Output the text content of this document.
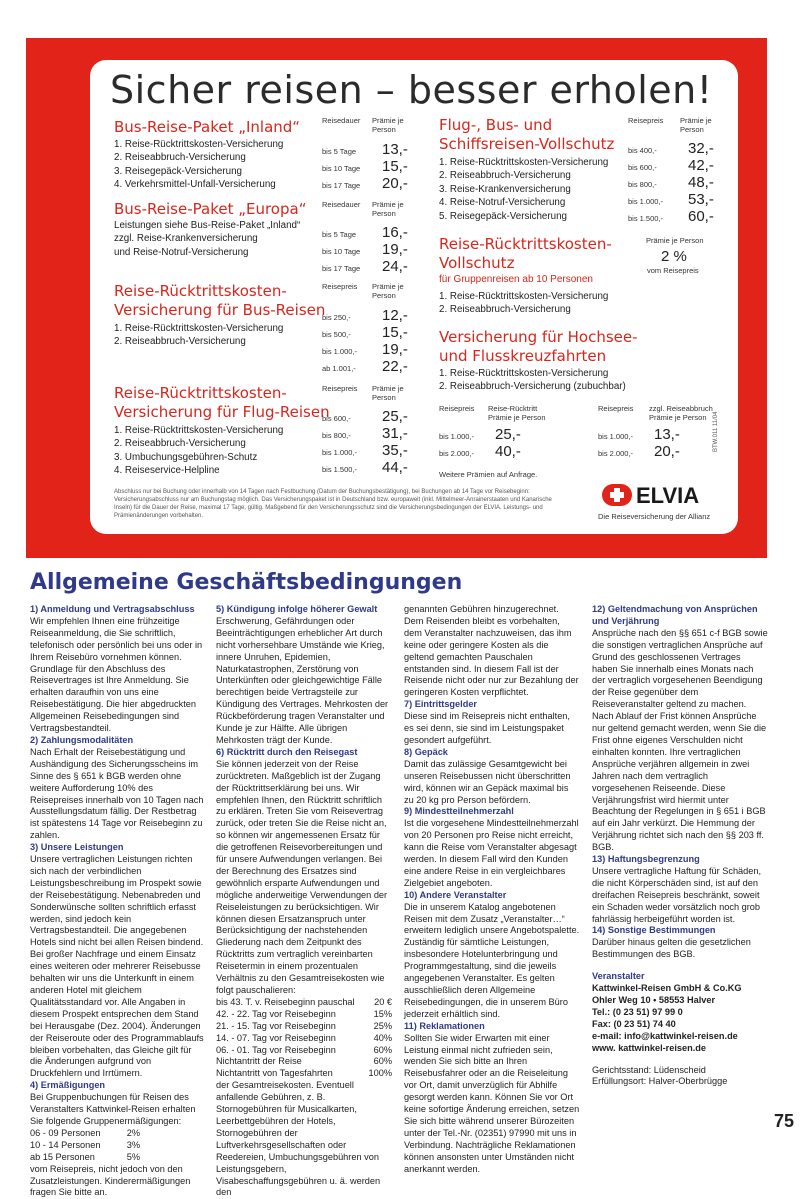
Sicher reisen – besser erholen!
Bus-Reise-Paket „Inland“	Reisedauer Prämie je Person
1. Reise-Rücktrittskosten-Versicherung
2. Reiseabbruch-Versicherung
3. Reisegepäck-Versicherung
4. Verkehrsmittel-Unfall-Versicherung
bis 5 Tage 13,-
bis 10 Tage 15,-
bis 17 Tage 20,-
Bus-Reise-Paket „Europa“ Reisedauer Prämie je Person
Leistungen siehe Bus-Reise-Paket „Inland“
zzgl. Reise-Krankenversicherung
und Reise-Notruf-Versicherung
bis 5 Tage 16,-
bis 10 Tage 19,-
bis 17 Tage 24,-
Reise-Rücktrittskosten-
Versicherung für Bus-Reisen
Reisepreis Prämie je Person
1. Reise-Rücktrittskosten-Versicherung
2. Reiseabbruch-Versicherung
bis 250,- 12,-
bis 500,- 15,-
bis 1.000,- 19,-
ab 1.001,- 22,-
Reise-Rücktrittskosten-
Versicherung für Flug-Reisen
Reisepreis Prämie je Person
1. Reise-Rücktrittskosten-Versicherung
2. Reiseabbruch-Versicherung
3. Umbuchungsgebühren-Schutz
4. Reiseservice-Helpline
bis 600,- 25,-
bis 800,- 31,-
bis 1.000,- 35,-
bis 1.500,- 44,-
Flug-, Bus- und
Schiffsreisen-Vollschutz
Reisepreis Prämie je Person
1. Reise-Rücktrittskosten-Versicherung
2. Reiseabbruch-Versicherung
3. Reise-Krankenversicherung
4. Reise-Notruf-Versicherung
5. Reisegepäck-Versicherung
bis 400,- 32,-
bis 600,- 42,-
bis 800,- 48,-
bis 1.000,- 53,-
bis 1.500,- 60,-
Reise-Rücktrittskosten-
Vollschutz
für Gruppenreisen ab 10 Personen
1. Reise-Rücktrittskosten-Versicherung
2. Reiseabbruch-Versicherung
Prämie je Person
2 %
vom Reisepreis
Versicherung für Hochsee-
und Flusskreuzfahrten
1. Reise-Rücktrittskosten-Versicherung
2. Reiseabbruch-Versicherung (zubuchbar)
Reisepreis Reise-Rücktritt
Prämie je Person
Reisepreis zzgl. Reiseabbruch
Prämie je Person
bis 1.000,- 25,-	bis 1.000,- 13,-
bis 2.000,- 40,-	bis 2.000,- 20,-
Weitere Prämien auf Anfrage.
Abschluss nur bei Buchung oder innerhalb von 14 Tagen nach Festbuchung (Datum der Buchungsbestätigung), bei Buchungen ab 14 Tage vor Reisebeginn: Versicherungsabschluss nur am Buchungstag möglich. Das Versicherungspaket ist in Deutschland bzw. europaweit (inkl. Mittelmeer-Anrainerstaaten und Kanarische Inseln) für die Dauer der Reise, maximal 17 Tage, gültig. Maßgebend für den Versicherungsschutz sind die Versicherungsbedingungen der ELVIA. Leistungs- und Prämienänderungen vorbehalten.
BTW.011 11/04
ELVIA
Die Reiseversicherung der Allianz
Allgemeine Geschäftsbedingungen

1) Anmeldung und Vertragsabschluss

Wir empfehlen Ihnen eine frühzeitige Reiseanmeldung, die Sie schriftlich, telefonisch oder persönlich bei uns oder in Ihrem Reisebüro vornehmen können. Grundlage für den Abschluss des Reisevertrages ist Ihre Anmeldung. Sie erhalten daraufhin von uns eine Reisebestätigung. Die hier abgedruckten Allgemeinen Reisebedingungen sind Vertragsbestandteil.

2) Zahlungsmodalitäten

Nach Erhalt der Reisebestätigung und Aushändigung des Sicherungsscheins im Sinne des § 651 k BGB werden ohne weitere Aufforderung 10% des Reisepreises innerhalb von 10 Tagen nach Ausstellungsdatum fällig. Der Restbetrag ist spätestens 14 Tage vor Reisebeginn zu zahlen.

3) Unsere Leistungen

Unsere vertraglichen Leistungen richten sich nach der verbindlichen Leistungsbeschreibung im Prospekt sowie der Reisebestätigung. Nebenabreden und Sonderwünsche sollten schriftlich erfasst werden, sind jedoch kein Vertragsbestandteil. Die angegebenen Hotels sind nicht bei allen Reisen bindend. Bei großer Nachfrage und einem Einsatz eines weiteren oder mehrerer Reisebusse behalten wir uns die Unterkunft in einem anderen Hotel mit gleichem Qualitätsstandard vor. Alle Angaben in diesem Prospekt entsprechen dem Stand bei Herausgabe (Dez. 2004). Änderungen der Reiseroute oder des Programmablaufs bleiben vorbehalten, das Gleiche gilt für die Änderungen aufgrund von Druckfehlern und Irrtümern.

4) Ermäßigungen

Bei Gruppenbuchungen für Reisen des Veranstalters Kattwinkel-Reisen erhalten Sie folgende Gruppenermäßigungen:

06 - 09 Personen	2%
10 - 14 Personen	3%
ab 15 Personen	5%

vom Reisepreis, nicht jedoch von den Zusatzleistungen. Kinderermäßigungen fragen Sie bitte an.

5) Kündigung infolge höherer Gewalt

Erschwerung, Gefährdungen oder Beeinträchtigungen erheblicher Art durch nicht vorhersehbare Umstände wie Krieg, innere Unruhen, Epidemien, Naturkatastrophen, Zerstörung von Unterkünften oder gleichgewichtige Fälle berechtigen beide Vertragsteile zur Kündigung des Vertrages. Mehrkosten der Rückbeförderung tragen Veranstalter und Kunde je zur Hälfte. Alle übrigen Mehrkosten trägt der Kunde.

6) Rücktritt durch den Reisegast

Sie können jederzeit von der Reise zurücktreten. Maßgeblich ist der Zugang der Rücktrittserklärung bei uns. Wir empfehlen Ihnen, den Rücktritt schriftlich zu erklären. Treten Sie vom Reisevertrag zurück, oder treten Sie die Reise nicht an, so können wir angemessenen Ersatz für die getroffenen Reisevorbereitungen und für unsere Aufwendungen verlangen. Bei der Berechnung des Ersatzes sind gewöhnlich ersparte Aufwendungen und mögliche anderweitige Verwendungen der Reiseleistungen zu berücksichtigen. Wir können diesen Ersatzanspruch unter Berücksichtigung der nachstehenden Gliederung nach dem Zeitpunkt des Rücktritts zum vertraglich vereinbarten Reisetermin in einem prozentualen Verhältnis zu den Gesamtreisekosten wie folgt pauschalieren:

bis 43. T. v. Reisebeginn pauschal 20 €
42. - 22. Tag vor Reisebeginn	15%
21. - 15. Tag vor Reisebeginn	25%
14. - 07. Tag vor Reisebeginn	40%
06. - 01. Tag vor Reisebeginn	60%
Nichtantritt der Reise	60%
Nichtantritt von Tagesfahrten	100%

der Gesamtreisekosten. Eventuell anfallende Gebühren, z. B. Stornogebühren für Musicalkarten, Leerbettgebühren der Hotels, Stornogebühren der Luftverkehrsgesellschaften oder Reedereien, Umbuchungsgebühren von Leistungsgebern, Visabeschaffungsgebühren u. ä. werden den

genannten Gebühren hinzugerechnet. Dem Reisenden bleibt es vorbehalten, dem Veranstalter nachzuweisen, das ihm keine oder geringere Kosten als die geltend gemachten Pauschalen entstanden sind. In diesem Fall ist der Reisende nicht oder nur zur Bezahlung der geringeren Kosten verpflichtet.

7) Eintrittsgelder

Diese sind im Reisepreis nicht enthalten, es sei denn, sie sind im Leistungspaket gesondert aufgeführt.

8) Gepäck

Damit das zulässige Gesamtgewicht bei unseren Reisebussen nicht überschritten wird, können wir an Gepäck maximal bis zu 20 kg pro Person befördern.

9) Mindestteilnehmerzahl

Ist die vorgesehene Mindestteilnehmerzahl von 20 Personen pro Reise nicht erreicht, kann die Reise vom Veranstalter abgesagt werden. In diesem Fall wird den Kunden eine andere Reise in ein vergleichbares Zielgebiet angeboten.

10) Andere Veranstalter

Die in unserem Katalog angebotenen Reisen mit dem Zusatz „Veranstalter…“ erweitern lediglich unsere Angebotspalette. Zuständig für sämtliche Leistungen, insbesondere Hotelunterbringung und Programmgestaltung, sind die jeweils angegebenen Veranstalter. Es gelten ausschließlich deren Allgemeine Reisebedingungen, die in unserem Büro jederzeit erhältlich sind.

11) Reklamationen

Sollten Sie wider Erwarten mit einer Leistung einmal nicht zufrieden sein, wenden Sie sich bitte an Ihren Reisebusfahrer oder an die Reiseleitung vor Ort, damit unverzüglich für Abhilfe gesorgt werden kann. Können Sie vor Ort keine sofortige Änderung erreichen, setzen Sie sich bitte während unserer Bürozeiten unter der Tel.-Nr. (02351) 97990 mit uns in Verbindung. Nachträgliche Reklamationen können ansonsten unter Umständen nicht anerkannt werden.

12) Geltendmachung von Ansprüchen und Verjährung

Ansprüche nach den §§ 651 c-f BGB sowie die sonstigen vertraglichen Ansprüche auf Grund des geschlossenen Vertrages haben Sie innerhalb eines Monats nach der vertraglich vorgesehenen Beendigung der Reise gegenüber dem Reiseveranstalter geltend zu machen. Nach Ablauf der Frist können Ansprüche nur geltend gemacht werden, wenn Sie die Frist ohne eigenes Verschulden nicht einhalten konnten. Ihre vertraglichen Ansprüche verjähren allgemein in zwei Jahren nach dem vertraglich vorgesehenen Reiseende. Diese Verjährungsfrist wird hiermit unter Beachtung der Regelungen in § 651 i BGB auf ein Jahr verkürzt. Die Hemmung der Verjährung richtet sich nach den §§ 203 ff. BGB.

13) Haftungsbegrenzung

Unsere vertragliche Haftung für Schäden, die nicht Körperschäden sind, ist auf den dreifachen Reisepreis beschränkt, soweit ein Schaden weder vorsätzlich noch grob fahrlässig herbeigeführt worden ist.

14) Sonstige Bestimmungen

Darüber hinaus gelten die gesetzlichen Bestimmungen des BGB.

Veranstalter

Kattwinkel-Reisen GmbH & Co.KG
Ohler Weg 10 • 58553 Halver
Tel.: (0 23 51) 97 99 0
Fax: (0 23 51) 74 40
e-mail: info@kattwinkel-reisen.de
www. kattwinkel-reisen.de

Gerichtsstand: Lüdenscheid

Erfüllungsort: Halver-Oberbrügge

75
